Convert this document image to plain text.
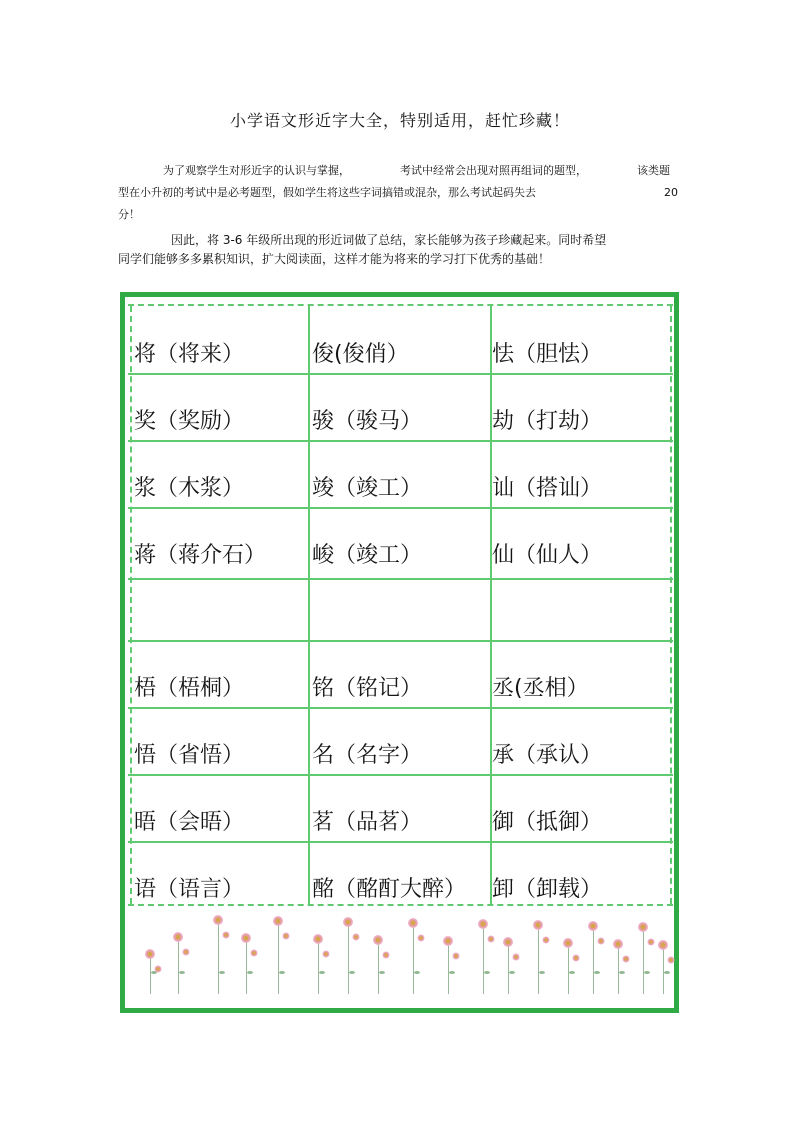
小学语文形近字大全，特别适用，赶忙珍藏！
为了观察学生对形近字的认识与掌握，	考试中经常会出现对照再组词的题型，	该类题
型在小升初的考试中是必考题型，假如学生将这些字词搞错或混杂，那么考试起码失去	20
分！
因此，将 3-6 年级所出现的形近词做了总结，家长能够为孩子珍藏起来。同时希望
同学们能够多多累积知识，扩大阅读面，这样才能为将来的学习打下优秀的基础！
将（将来）	俊(俊俏）	怯（胆怯）
奖（奖励）	骏（骏马）	劫（打劫）
浆（木浆）	竣（竣工）	讪（搭讪）
蒋（蒋介石） 峻（竣工）	仙（仙人）
梧（梧桐）	铭（铭记）	丞(丞相）
悟（省悟）	名（名字）	承（承认）
晤（会晤）	茗（品茗）	御（抵御）
语（语言）	酩（酩酊大醉） 卸（卸载）
